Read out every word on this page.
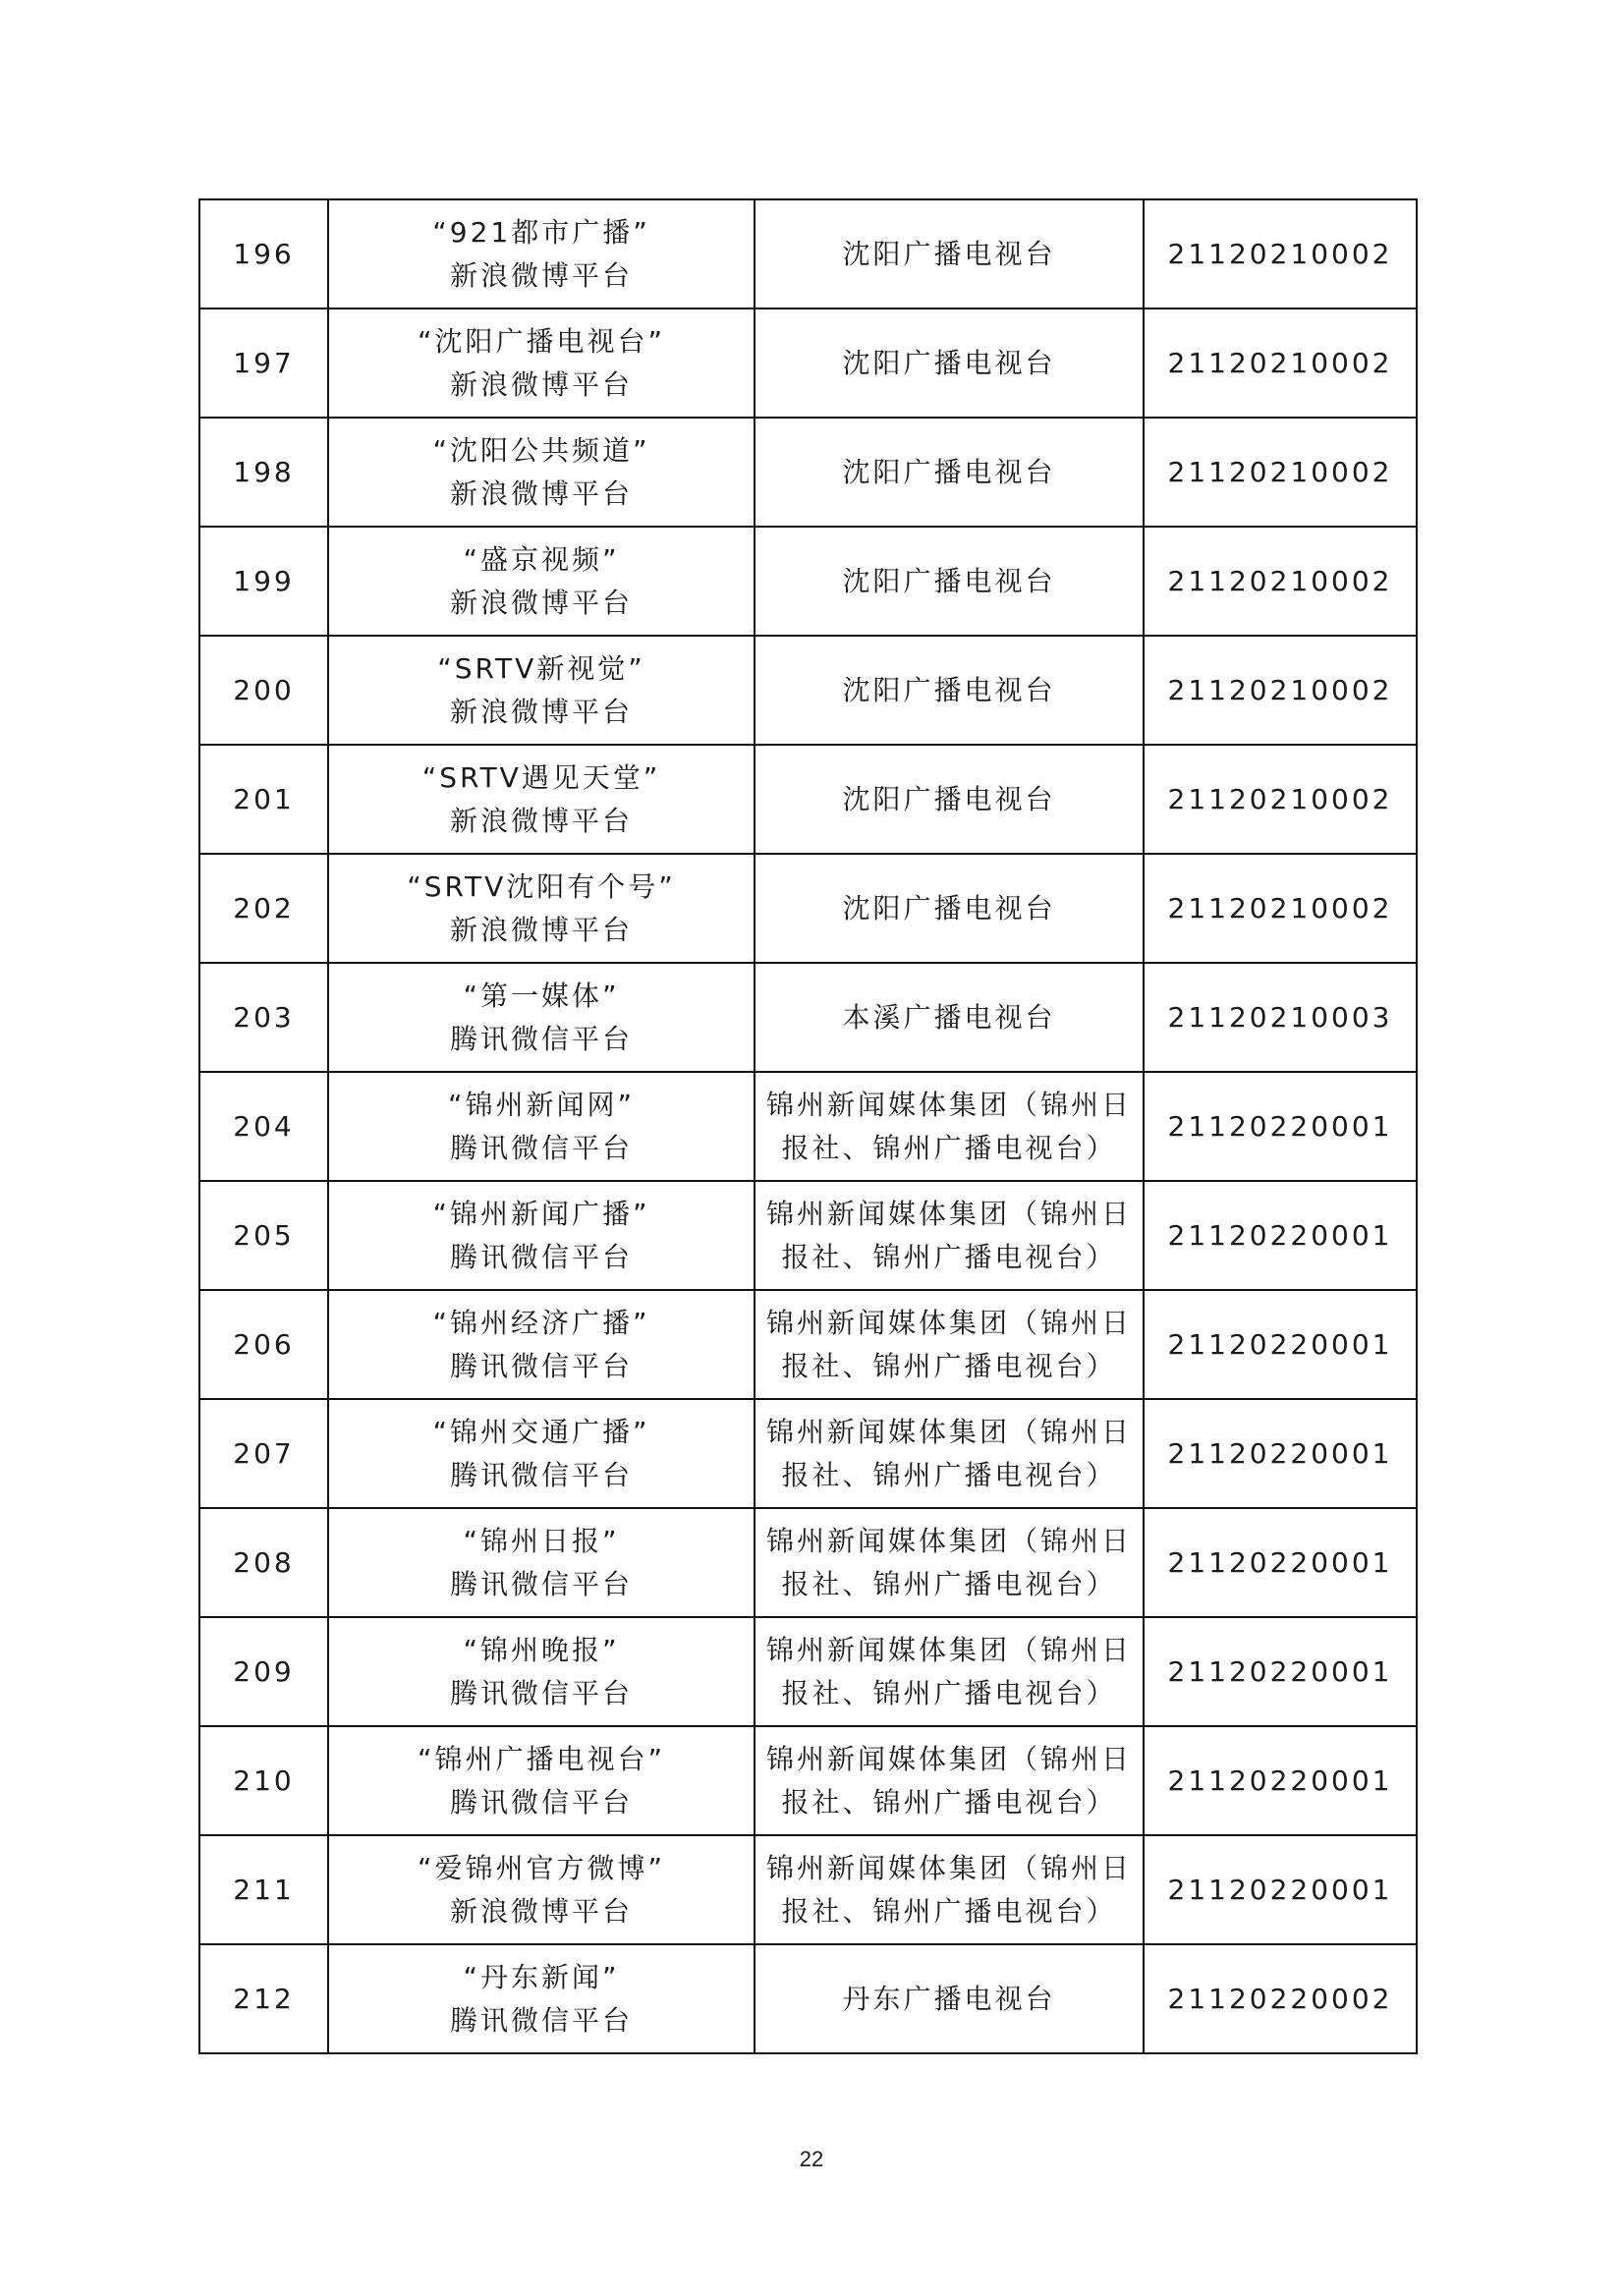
196	“921都市广播”
新浪微博平台	沈阳广播电视台	21120210002
197	“沈阳广播电视台”
新浪微博平台	沈阳广播电视台	21120210002
198	“沈阳公共频道”
新浪微博平台	沈阳广播电视台	21120210002
199	“盛京视频”
新浪微博平台	沈阳广播电视台	21120210002
200	“SRTV新视觉”
新浪微博平台	沈阳广播电视台	21120210002
201	“SRTV遇见天堂”
新浪微博平台	沈阳广播电视台	21120210002
202	“SRTV沈阳有个号”
新浪微博平台	沈阳广播电视台	21120210002
203	“第一媒体”
腾讯微信平台	本溪广播电视台	21120210003
204	“锦州新闻网”
腾讯微信平台	锦州新闻媒体集团（锦州日
报社、锦州广播电视台）	21120220001
205	“锦州新闻广播”
腾讯微信平台	锦州新闻媒体集团（锦州日
报社、锦州广播电视台）	21120220001
206	“锦州经济广播”
腾讯微信平台	锦州新闻媒体集团（锦州日
报社、锦州广播电视台）	21120220001
207	“锦州交通广播”
腾讯微信平台	锦州新闻媒体集团（锦州日
报社、锦州广播电视台）	21120220001
208	“锦州日报”
腾讯微信平台	锦州新闻媒体集团（锦州日
报社、锦州广播电视台）	21120220001
209	“锦州晚报”
腾讯微信平台	锦州新闻媒体集团（锦州日
报社、锦州广播电视台）	21120220001
210	“锦州广播电视台”
腾讯微信平台	锦州新闻媒体集团（锦州日
报社、锦州广播电视台）	21120220001
211	“爱锦州官方微博”
新浪微博平台	锦州新闻媒体集团（锦州日
报社、锦州广播电视台）	21120220001
212	“丹东新闻”
腾讯微信平台	丹东广播电视台	21120220002
22
